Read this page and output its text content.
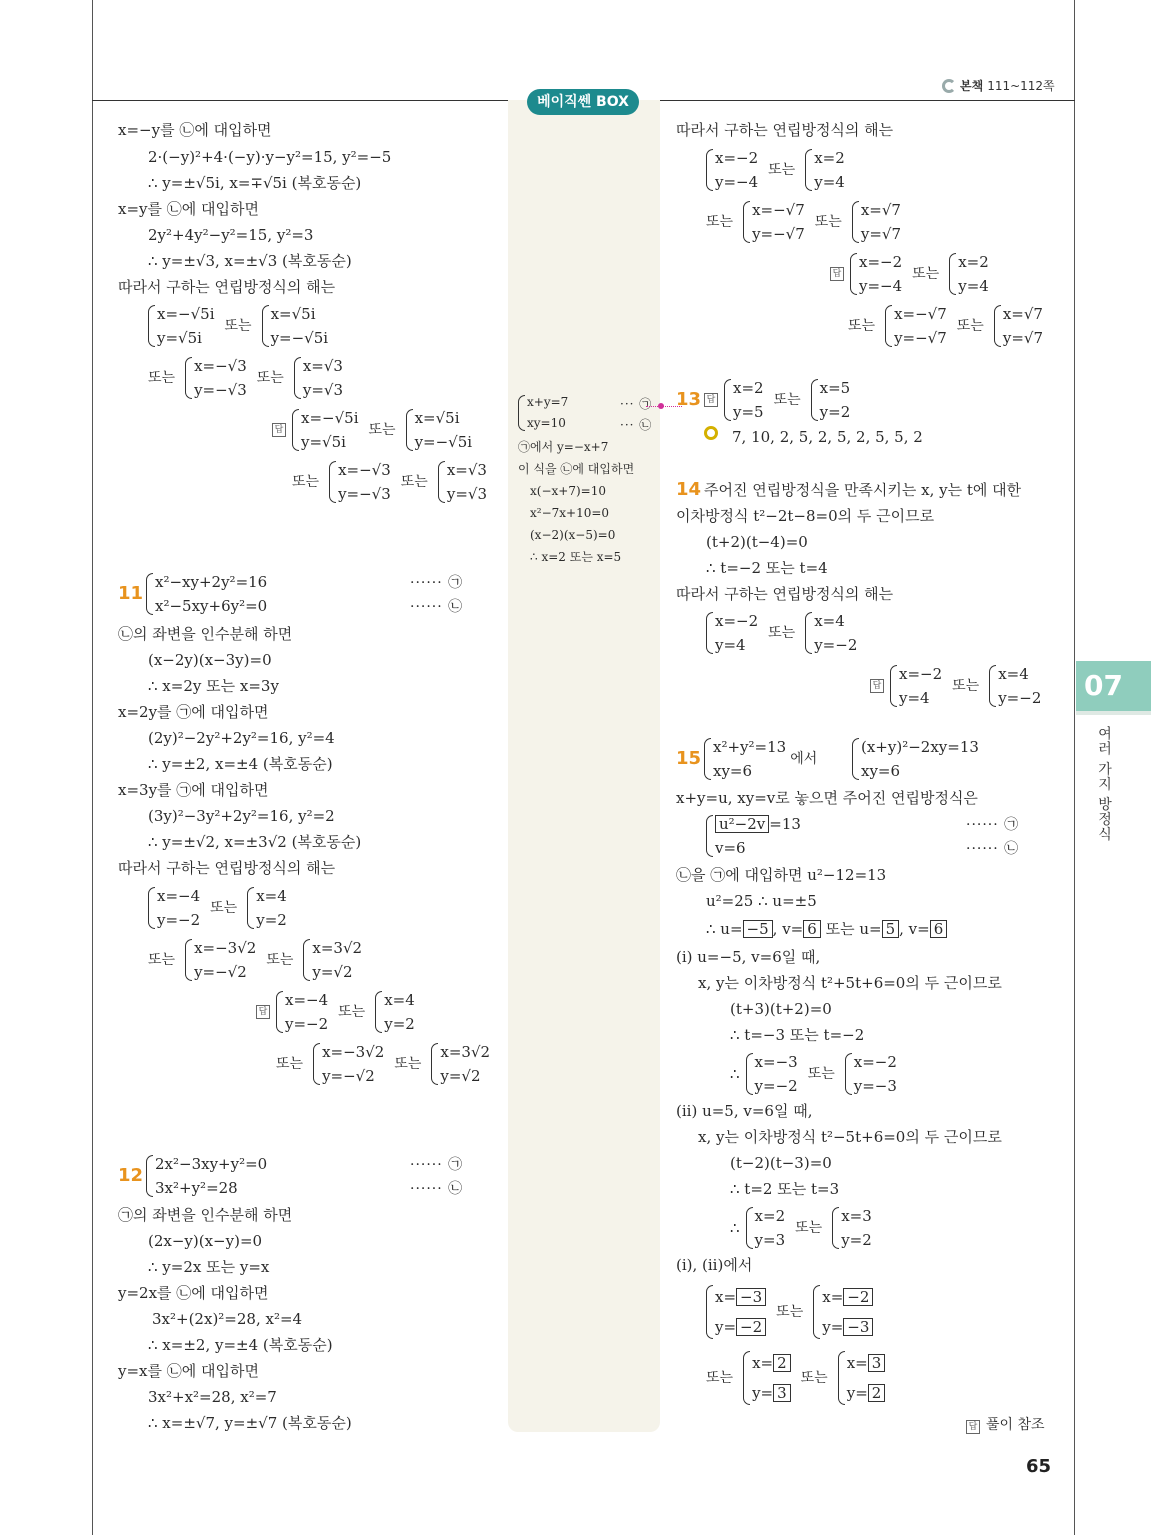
베이직쎈 BOX
본책 111~112쪽
07
여러 가지 방정식
65
x=−y를 ㉡에 대입하면
2·(−y)²+4·(−y)·y−y²=15, y²=−5
∴ y=±√5i, x=∓√5i (복호동순)
x=y를 ㉡에 대입하면
2y²+4y²−y²=15, y²=3
∴ y=±√3, x=±√3 (복호동순)
따라서 구하는 연립방정식의 해는
x=−√5i
y=√5i
또는
x=√5i
y=−√5i
또는
x=−√3
y=−√3
또는
x=√3
y=√3
답
x=−√5i
y=√5i
또는
x=√5i
y=−√5i
또는
x=−√3
y=−√3
또는
x=√3
y=√3
11
x²−xy+2y²=16
x²−5xy+6y²=0
······ ㉠
······ ㉡
㉡의 좌변을 인수분해 하면
(x−2y)(x−3y)=0
∴ x=2y 또는 x=3y
x=2y를 ㉠에 대입하면
(2y)²−2y²+2y²=16, y²=4
∴ y=±2, x=±4 (복호동순)
x=3y를 ㉠에 대입하면
(3y)²−3y²+2y²=16, y²=2
∴ y=±√2, x=±3√2 (복호동순)
따라서 구하는 연립방정식의 해는
x=−4
y=−2
또는
x=4
y=2
또는
x=−3√2
y=−√2
또는
x=3√2
y=√2
답
x=−4
y=−2
또는
x=4
y=2
또는
x=−3√2
y=−√2
또는
x=3√2
y=√2
12
2x²−3xy+y²=0
3x²+y²=28
······ ㉠
······ ㉡
㉠의 좌변을 인수분해 하면
(2x−y)(x−y)=0
∴ y=2x 또는 y=x
y=2x를 ㉡에 대입하면
3x²+(2x)²=28, x²=4
∴ x=±2, y=±4 (복호동순)
y=x를 ㉡에 대입하면
3x²+x²=28, x²=7
∴ x=±√7, y=±√7 (복호동순)
x+y=7
xy=10
··· ㉠
··· ㉡
㉠에서 y=−x+7
이 식을 ㉡에 대입하면
x(−x+7)=10
x²−7x+10=0
(x−2)(x−5)=0
∴ x=2 또는 x=5
따라서 구하는 연립방정식의 해는
x=−2
y=−4
또는
x=2
y=4
또는
x=−√7
y=−√7
또는
x=√7
y=√7
답
x=−2
y=−4
또는
x=2
y=4
또는
x=−√7
y=−√7
또는
x=√7
y=√7
13 답
x=2
y=5
또는
x=5
y=2
7, 10, 2, 5, 2, 5, 2, 5, 5, 2
14 주어진 연립방정식을 만족시키는 x, y는 t에 대한
이차방정식 t²−2t−8=0의 두 근이므로
(t+2)(t−4)=0
∴ t=−2 또는 t=4
따라서 구하는 연립방정식의 해는
x=−2
y=4
또는
x=4
y=−2
답
x=−2
y=4
또는
x=4
y=−2
15
x²+y²=13
xy=6
에서
(x+y)²−2xy=13
xy=6
x+y=u, xy=v로 놓으면 주어진 연립방정식은
u²−2v =13
v=6
······ ㉠
······ ㉡
㉡을 ㉠에 대입하면 u²−12=13
u²=25 ∴ u=±5
∴ u= −5 , v= 6 또는 u= 5 , v= 6
(i) u=−5, v=6일 때,
x, y는 이차방정식 t²+5t+6=0의 두 근이므로
(t+3)(t+2)=0
∴ t=−3 또는 t=−2
∴
x=−3
y=−2
또는
x=−2
y=−3
(ii) u=5, v=6일 때,
x, y는 이차방정식 t²−5t+6=0의 두 근이므로
(t−2)(t−3)=0
∴ t=2 또는 t=3
∴
x=2
y=3
또는
x=3
y=2
(i), (ii)에서
x= −3
y= −2
또는
x= −2
y= −3
또는
x= 2
y= 3
또는
x= 3
y= 2
답 풀이 참조
